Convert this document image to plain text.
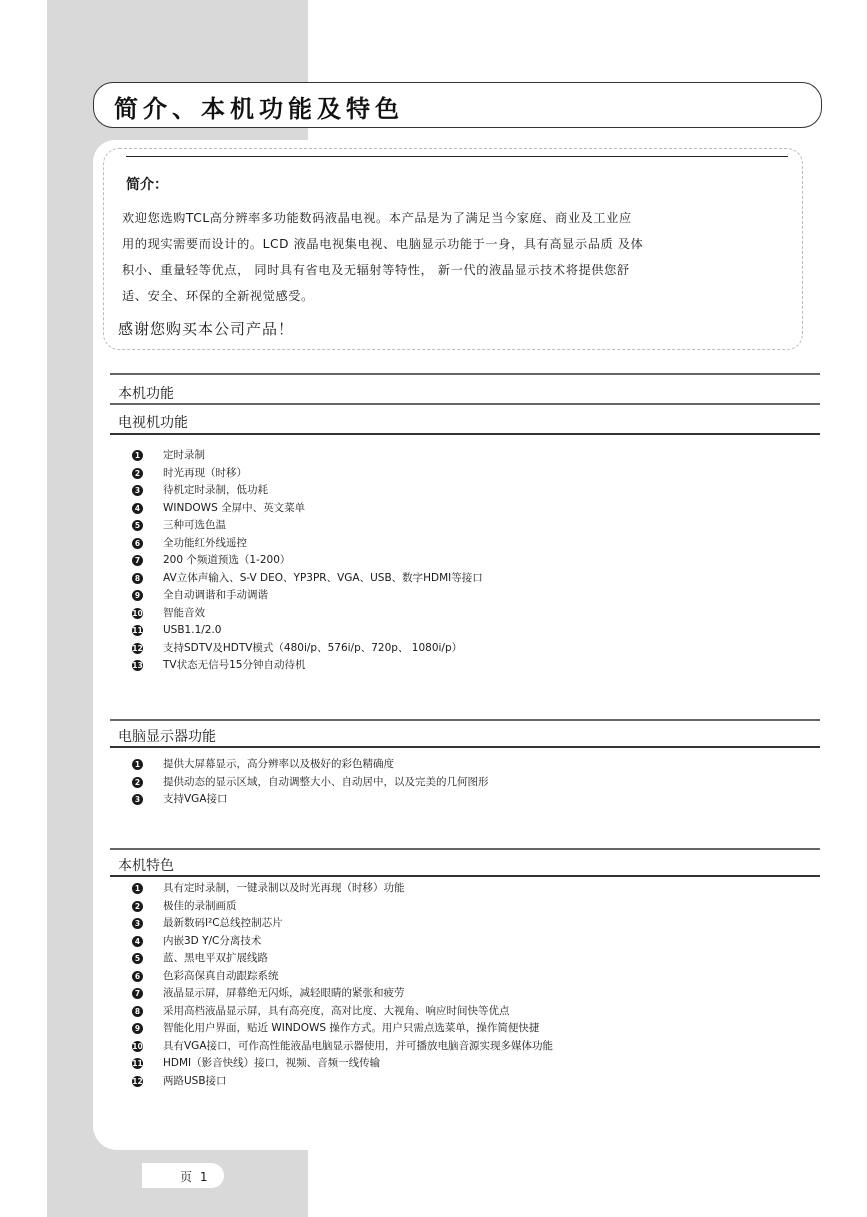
简介、本机功能及特色
简介：
欢迎您选购TCL高分辨率多功能数码液晶电视。本产品是为了满足当今家庭、商业及工业应
用的现实需要而设计的。LCD 液晶电视集电视、电脑显示功能于一身，具有高显示品质 及体
积小、重量轻等优点， 同时具有省电及无辐射等特性， 新一代的液晶显示技术将提供您舒
适、安全、环保的全新视觉感受。
感谢您购买本公司产品！
本机功能
电视机功能
1 定时录制
2 时光再现（时移）
3 待机定时录制，低功耗
4 WINDOWS 全屏中、英文菜单
5 三种可选色温
6 全功能红外线遥控
7 200 个频道预选（1-200）
8 AV立体声输入、S-V DEO、YP3PR、VGA、USB、数字HDMI等接口
9 全自动调谐和手动调谐
10 智能音效
11 USB1.1/2.0
12 支持SDTV及HDTV模式（480i/p、576i/p、720p、 1080i/p）
13 TV状态无信号15分钟自动待机
电脑显示器功能
1 提供大屏幕显示，高分辨率以及极好的彩色精确度
2 提供动态的显示区域，自动调整大小、自动居中，以及完美的几何图形
3 支持VGA接口
本机特色
1 具有定时录制，一键录制以及时光再现（时移）功能
2 极佳的录制画质
3 最新数码I²C总线控制芯片
4 内嵌3D Y/C分离技术
5 蓝、黑电平双扩展线路
6 色彩高保真自动跟踪系统
7 液晶显示屏，屏幕绝无闪烁，减轻眼睛的紧张和疲劳
8 采用高档液晶显示屏，具有高亮度，高对比度、大视角、响应时间快等优点
9 智能化用户界面，贴近 WINDOWS 操作方式。用户只需点选菜单，操作简便快捷
10 具有VGA接口，可作高性能液晶电脑显示器使用，并可播放电脑音源实现多媒体功能
11 HDMI（影音快线）接口，视频、音频一线传输
12 两路USB接口
页 1
